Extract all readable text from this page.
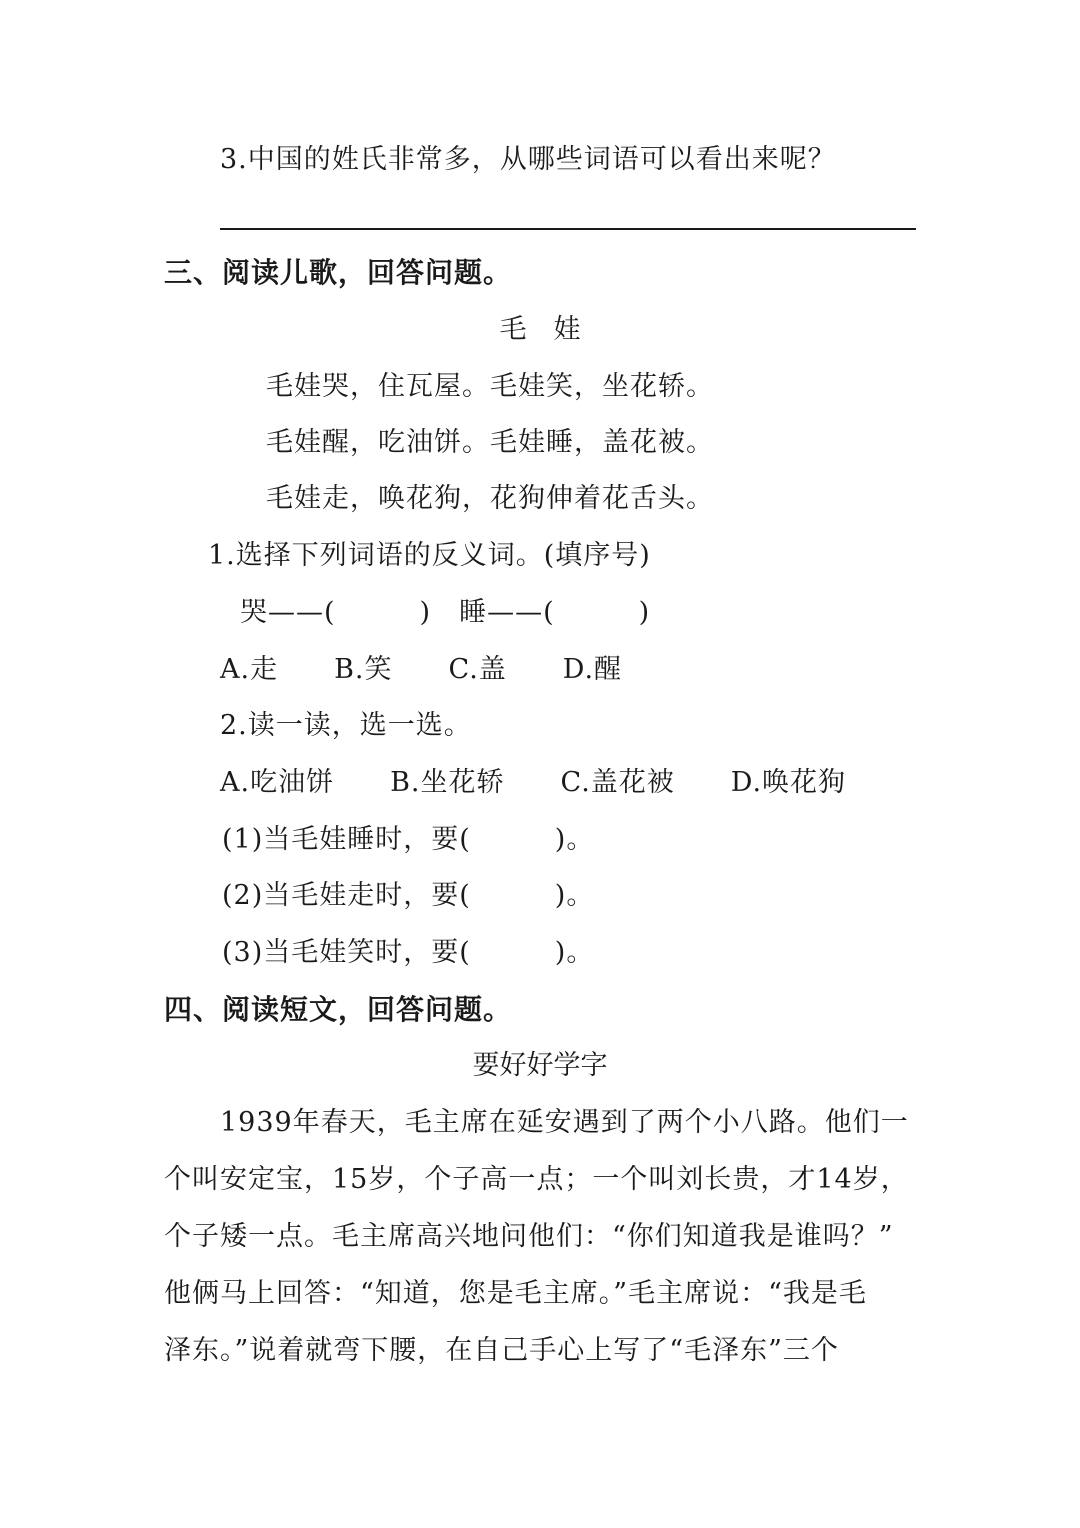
3.中国的姓氏非常多，从哪些词语可以看出来呢？
三、阅读儿歌，回答问题。
毛　娃
毛娃哭，住瓦屋。毛娃笑，坐花轿。
毛娃醒，吃油饼。毛娃睡，盖花被。
毛娃走，唤花狗，花狗伸着花舌头。
1.选择下列词语的反义词。(填序号)
哭——(　　　)　睡——(　　　)
A.走　　B.笑　　C.盖　　D.醒
2.读一读，选一选。
A.吃油饼　　B.坐花轿　　C.盖花被　　D.唤花狗
(1)当毛娃睡时，要(　　　)。
(2)当毛娃走时，要(　　　)。
(3)当毛娃笑时，要(　　　)。
四、阅读短文，回答问题。
要好好学字
　　1939年春天，毛主席在延安遇到了两个小八路。他们一
个叫安定宝，15岁，个子高一点；一个叫刘长贵，才14岁，
个子矮一点。毛主席高兴地问他们：“你们知道我是谁吗？”
他俩马上回答：“知道，您是毛主席。”毛主席说：“我是毛
泽东。”说着就弯下腰，在自己手心上写了“毛泽东”三个
